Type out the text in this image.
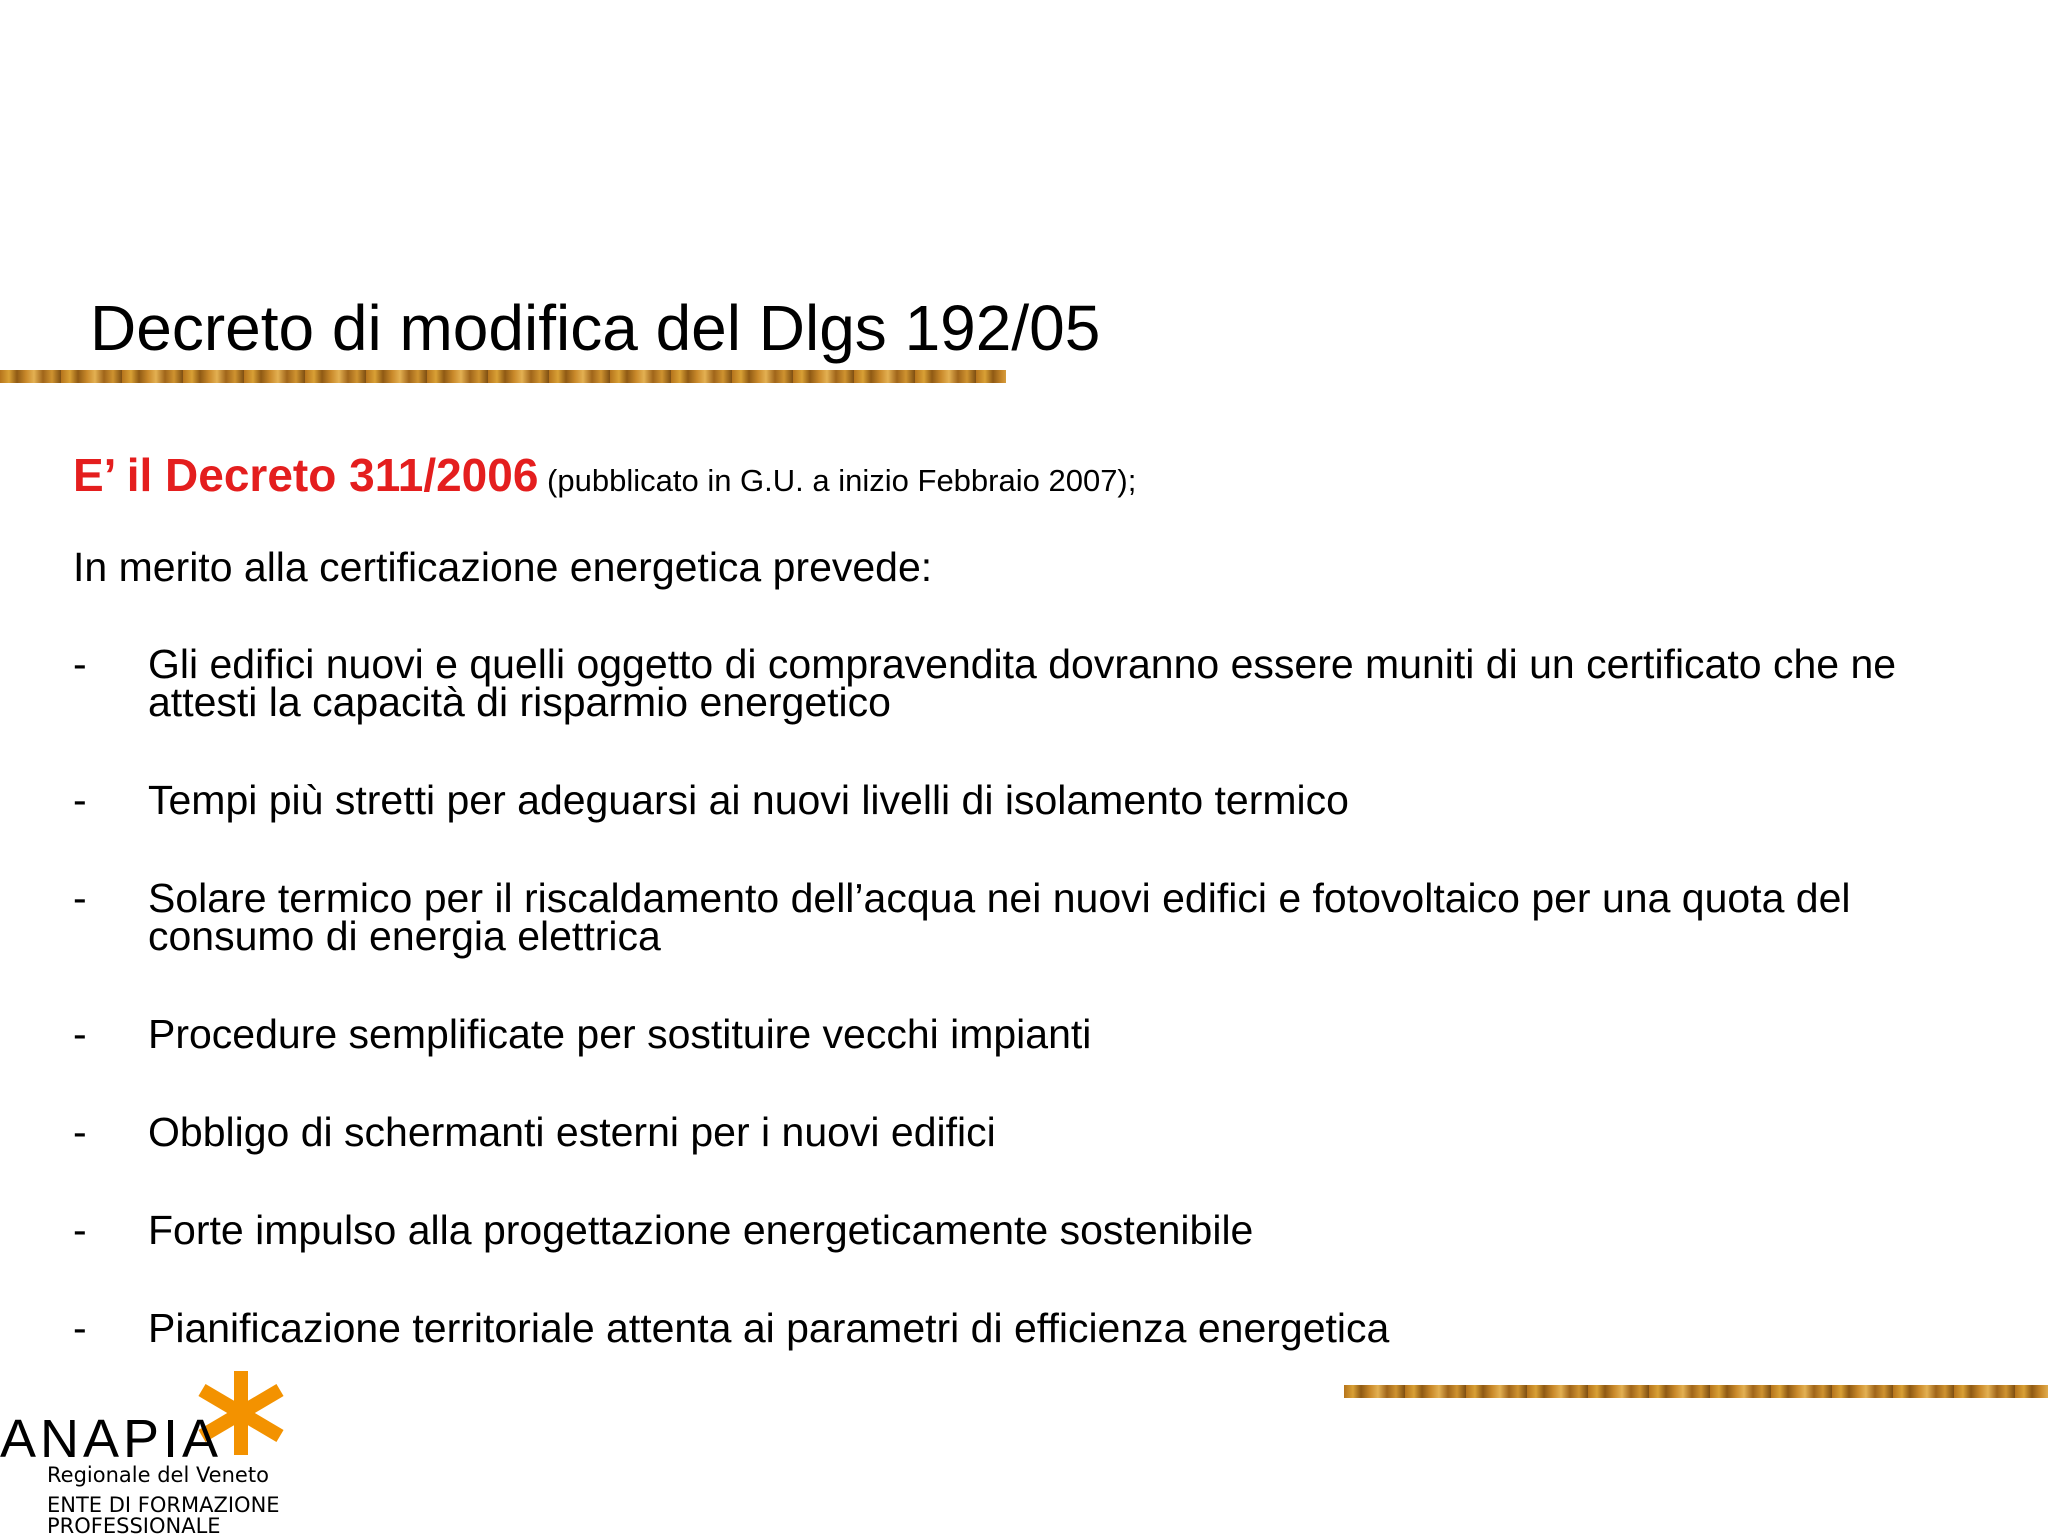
Decreto di modifica del Dlgs 192/05

E’ il Decreto 311/2006 (pubblicato in G.U. a inizio Febbraio 2007);

In merito alla certificazione energetica prevede:

- Gli edifici nuovi e quelli oggetto di compravendita dovranno essere muniti di un certificato che ne attesti la capacità di risparmio energetico
- Tempi più stretti per adeguarsi ai nuovi livelli di isolamento termico
- Solare termico per il riscaldamento dell’acqua nei nuovi edifici e fotovoltaico per una quota del consumo di energia elettrica
- Procedure semplificate per sostituire vecchi impianti
- Obbligo di schermanti esterni per i nuovi edifici
- Forte impulso alla progettazione energeticamente sostenibile
- Pianificazione territoriale attenta ai parametri di efficienza energetica
ANAPIA
Regionale del Veneto
ENTE DI FORMAZIONE
PROFESSIONALE
